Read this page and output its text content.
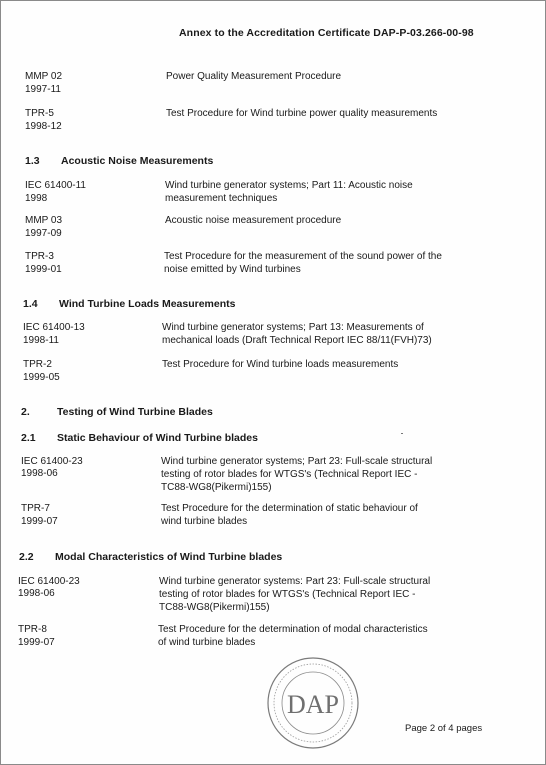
Annex to the Accreditation Certificate DAP-P-03.266-00-98
MMP 02
1997-11
Power Quality Measurement Procedure
TPR-5
1998-12
Test Procedure for Wind turbine power quality measurements
1.3 Acoustic Noise Measurements
IEC 61400-11
1998
Wind turbine generator systems; Part 11: Acoustic noise
measurement techniques
MMP 03
1997-09
Acoustic noise measurement procedure
TPR-3
1999-01
Test Procedure for the measurement of the sound power of the
noise emitted by Wind turbines
1.4 Wind Turbine Loads Measurements
IEC 61400-13
1998-11
Wind turbine generator systems; Part 13: Measurements of
mechanical loads (Draft Technical Report IEC 88/11(FVH)73)
TPR-2
1999-05
Test Procedure for Wind turbine loads measurements
2.	Testing of Wind Turbine Blades
2.1 Static Behaviour of Wind Turbine blades
IEC 61400-23
1998-06
Wind turbine generator systems; Part 23: Full-scale structural
testing of rotor blades for WTGS's (Technical Report IEC -
TC88-WG8(Pikermi)155)
TPR-7
1999-07
Test Procedure for the determination of static behaviour of
wind turbine blades
2.2 Modal Characteristics of Wind Turbine blades
IEC 61400-23
1998-06
Wind turbine generator systems: Part 23: Full-scale structural
testing of rotor blades for WTGS's (Technical Report IEC -
TC88-WG8(Pikermi)155)
TPR-8
1999-07
Test Procedure for the determination of modal characteristics
of wind turbine blades
DAP
Page 2 of 4 pages
